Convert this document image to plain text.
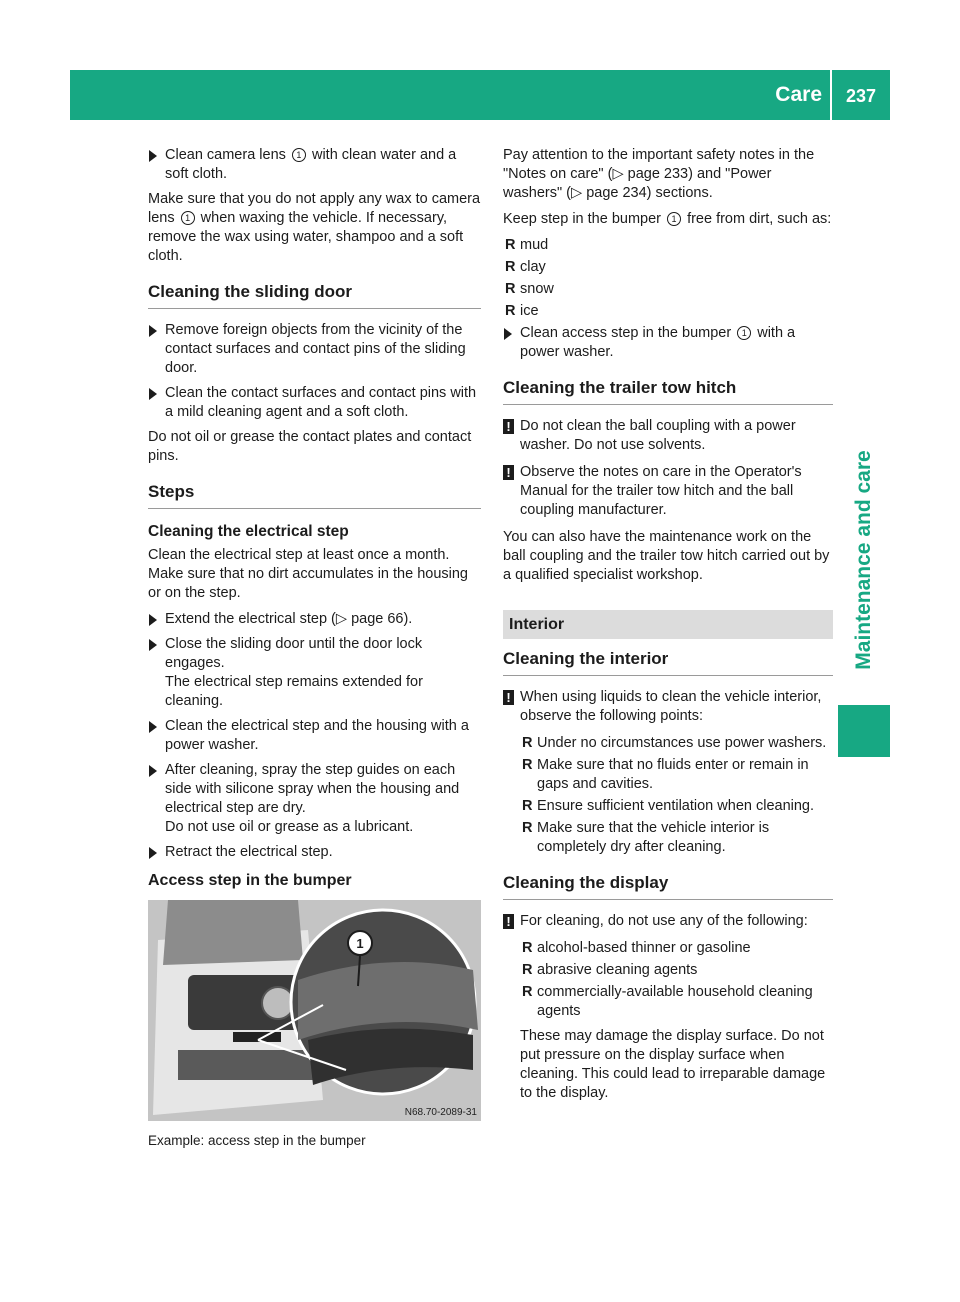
Care	237
Maintenance and care
Clean camera lens 1 with clean water and a soft cloth.

Make sure that you do not apply any wax to camera lens 1 when waxing the vehicle. If necessary, remove the wax using water, shampoo and a soft cloth.

Cleaning the sliding door
Remove foreign objects from the vicinity of the contact surfaces and contact pins of the sliding door.
Clean the contact surfaces and contact pins with a mild cleaning agent and a soft cloth.

Do not oil or grease the contact plates and contact pins.

Steps
Cleaning the electrical step

Clean the electrical step at least once a month. Make sure that no dirt accumulates in the housing or on the step.

Extend the electrical step (▷ page 66).
Close the sliding door until the door lock engages.
The electrical step remains extended for cleaning.
Clean the electrical step and the housing with a power washer.
After cleaning, spray the step guides on each side with silicone spray when the housing and electrical step are dry.
Do not use oil or grease as a lubricant.
Retract the electrical step.
Access step in the bumper
1
N68.70-2089-31

Example: access step in the bumper

Pay attention to the important safety notes in the "Notes on care" (▷ page 233) and "Power washers" (▷ page 234) sections.

Keep step in the bumper 1 free from dirt, such as:

R mud
R clay
R snow
R ice
Clean access step in the bumper 1 with a power washer.
Cleaning the trailer tow hitch
! Do not clean the ball coupling with a power washer. Do not use solvents.
! Observe the notes on care in the Operator's Manual for the trailer tow hitch and the ball coupling manufacturer.

You can also have the maintenance work on the ball coupling and the trailer tow hitch carried out by a qualified specialist workshop.

Interior
Cleaning the interior
! When using liquids to clean the vehicle interior, observe the following points:
R Under no circumstances use power washers.
R Make sure that no fluids enter or remain in gaps and cavities.
R Ensure sufficient ventilation when cleaning.
R Make sure that the vehicle interior is completely dry after cleaning.
Cleaning the display
! For cleaning, do not use any of the following:
R alcohol-based thinner or gasoline
R abrasive cleaning agents
R commercially-available household cleaning agents

These may damage the display surface. Do not put pressure on the display surface when cleaning. This could lead to irreparable damage to the display.
